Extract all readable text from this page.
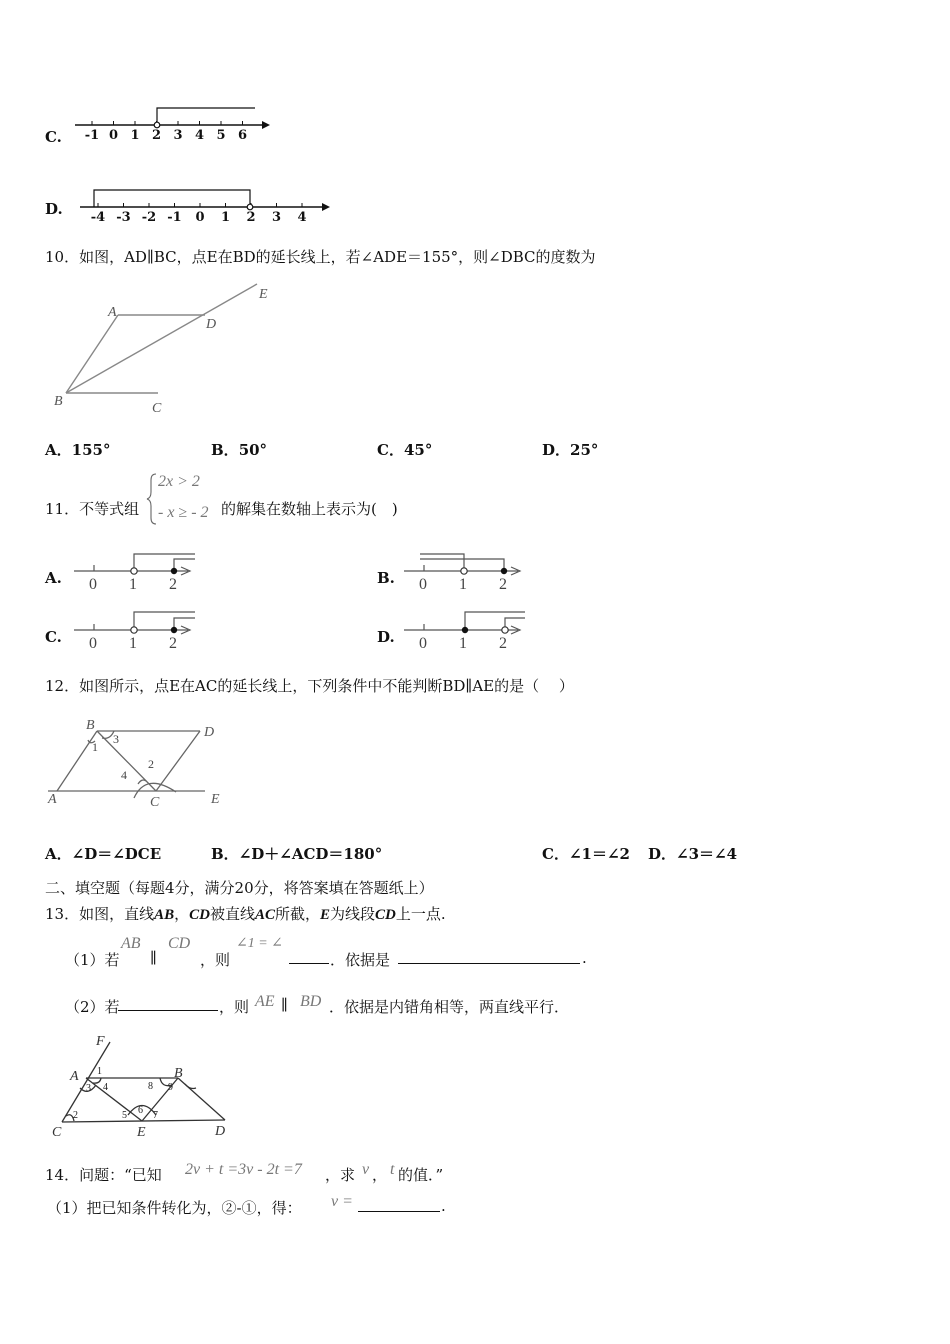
C. -1 0 1 2 3 4 5 6
D. -4 -3 -2 -1 0 1 2 3 4
10．如图，AD∥BC，点E在BD的延长线上，若∠ADE＝155°，则∠DBC的度数为
A
B	C
D
E
A．155°	B．50°	C．45°	D．25°
11．不等式组
2x > 2
- x ≥ - 2 的解集在数轴上表示为(　)
A.	B.
C.	D.
0 1 2	0 1 2
0 1 2	0 1 2
12．如图所示，点E在AC的延长线上，下列条件中不能判断BD∥AE的是（　 ）
B	D
A	C	E
1
3
2
4
A．∠D＝∠DCE	B．∠D＋∠ACD＝180°	C．∠1＝∠2 D．∠3＝∠4
二、填空题（每题4分，满分20分，将答案填在答题纸上）
13．如图，直线AB，CD被直线AC所截，E为线段CD上一点.
（1）若
AB
∥
CD
，则
∠1 = ∠
．依据是	.
（2）若	，则 AE ∥ BD ．依据是内错角相等，两直线平行．
F
A	B
C	E	D
1
2
3 4
5 6 7
8 9
14．问题：“已知 2v + t =3v - 2t =7 ，求 v ， t 的值．”
（1）把已知条件转化为，②-①，得： v =	.
